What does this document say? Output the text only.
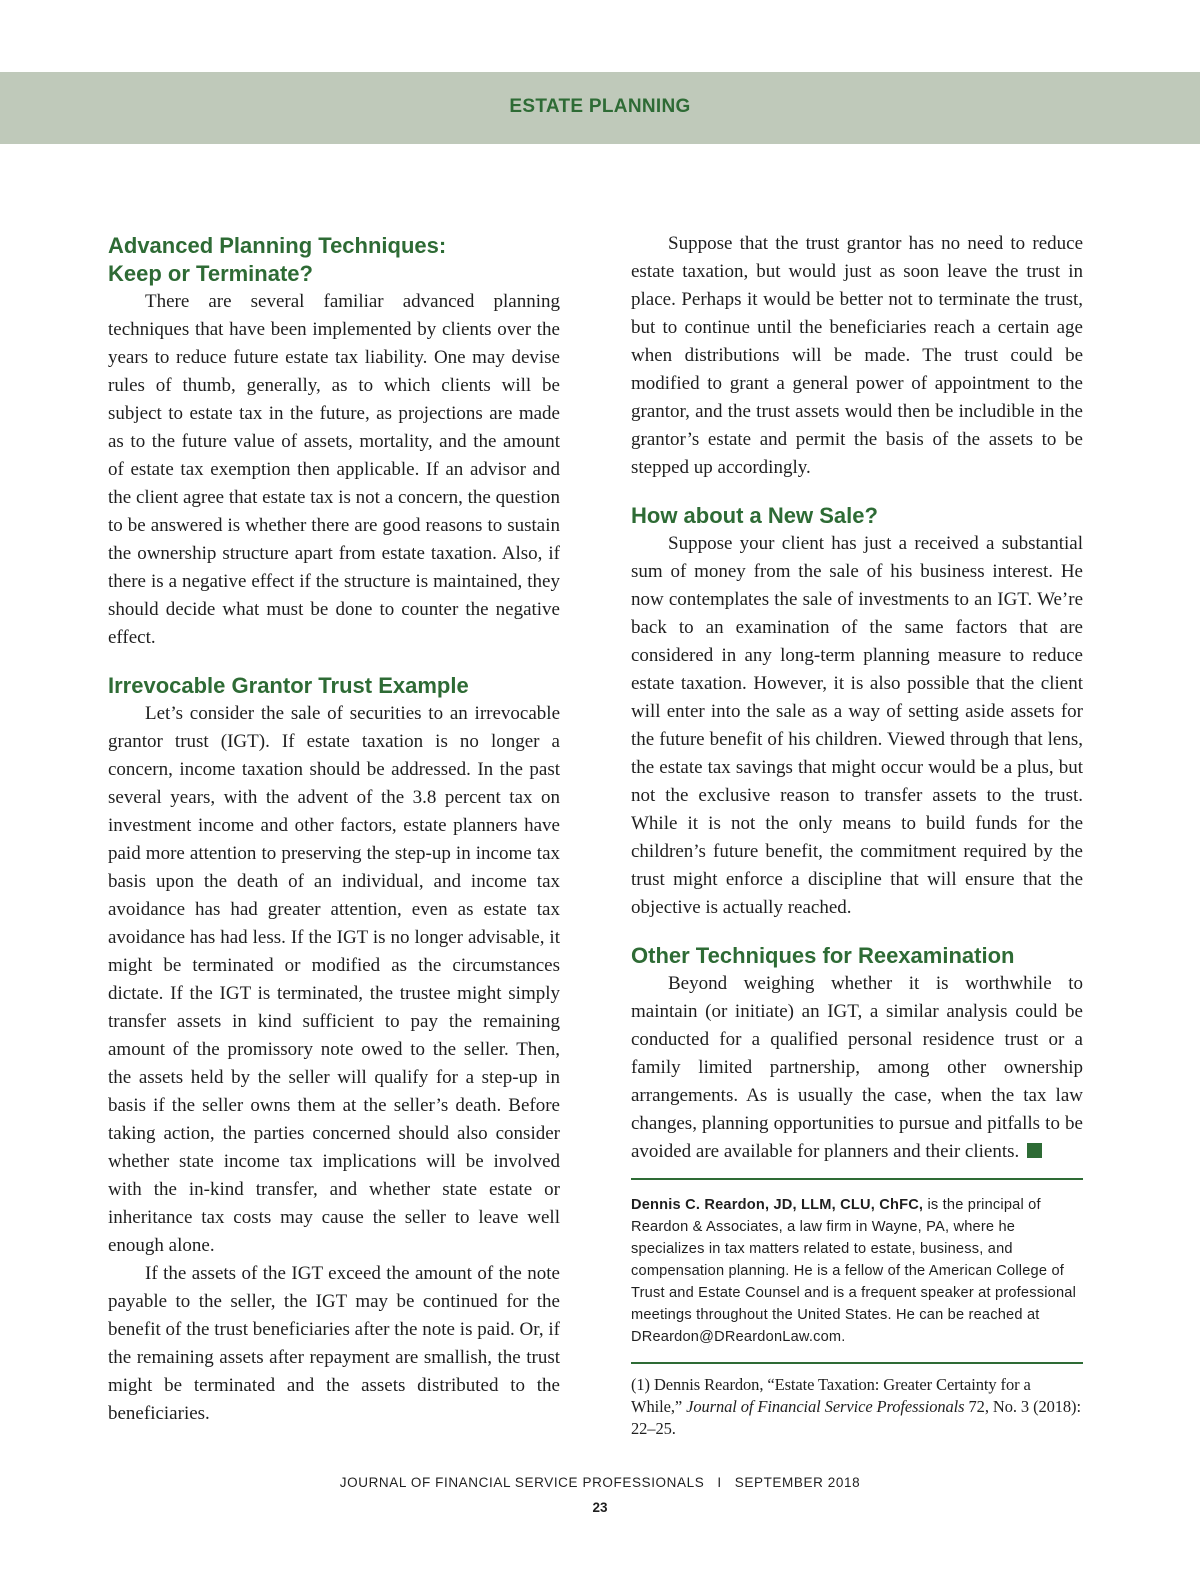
ESTATE PLANNING
Advanced Planning Techniques:
Keep or Terminate?

There are several familiar advanced planning techniques that have been implemented by clients over the years to reduce future estate tax liability. One may devise rules of thumb, generally, as to which clients will be subject to estate tax in the future, as projections are made as to the future value of assets, mortality, and the amount of estate tax exemption then applicable. If an advisor and the client agree that estate tax is not a concern, the question to be answered is whether there are good reasons to sustain the ownership structure apart from estate taxation. Also, if there is a negative effect if the structure is maintained, they should decide what must be done to counter the negative effect.

Irrevocable Grantor Trust Example

Let’s consider the sale of securities to an irrevocable grantor trust (IGT). If estate taxation is no longer a concern, income taxation should be addressed. In the past several years, with the advent of the 3.8 percent tax on investment income and other factors, estate planners have paid more attention to preserving the step-up in income tax basis upon the death of an individual, and income tax avoidance has had greater attention, even as estate tax avoidance has had less. If the IGT is no longer advisable, it might be terminated or modified as the circumstances dictate. If the IGT is terminated, the trustee might simply transfer assets in kind sufficient to pay the remaining amount of the promissory note owed to the seller. Then, the assets held by the seller will qualify for a step-up in basis if the seller owns them at the seller’s death. Before taking action, the parties concerned should also consider whether state income tax implications will be involved with the in-kind transfer, and whether state estate or inheritance tax costs may cause the seller to leave well enough alone.

If the assets of the IGT exceed the amount of the note payable to the seller, the IGT may be continued for the benefit of the trust beneficiaries after the note is paid. Or, if the remaining assets after repayment are smallish, the trust might be terminated and the assets distributed to the beneficiaries.

Suppose that the trust grantor has no need to reduce estate taxation, but would just as soon leave the trust in place. Perhaps it would be better not to terminate the trust, but to continue until the beneficiaries reach a certain age when distributions will be made. The trust could be modified to grant a general power of appointment to the grantor, and the trust assets would then be includible in the grantor’s estate and permit the basis of the assets to be stepped up accordingly.

How about a New Sale?

Suppose your client has just a received a substantial sum of money from the sale of his business interest. He now contemplates the sale of investments to an IGT. We’re back to an examination of the same factors that are considered in any long-term planning measure to reduce estate taxation. However, it is also possible that the client will enter into the sale as a way of setting aside assets for the future benefit of his children. Viewed through that lens, the estate tax savings that might occur would be a plus, but not the exclusive reason to transfer assets to the trust. While it is not the only means to build funds for the children’s future benefit, the commitment required by the trust might enforce a discipline that will ensure that the objective is actually reached.

Other Techniques for Reexamination

Beyond weighing whether it is worthwhile to maintain (or initiate) an IGT, a similar analysis could be conducted for a qualified personal residence trust or a family limited partnership, among other ownership arrangements. As is usually the case, when the tax law changes, planning opportunities to pursue and pitfalls to be avoided are available for planners and their clients.

Dennis C. Reardon, JD, LLM, CLU, ChFC, is the principal of Reardon & Associates, a law firm in Wayne, PA, where he specializes in tax matters related to estate, business, and compensation planning. He is a fellow of the American College of Trust and Estate Counsel and is a frequent speaker at professional meetings throughout the United States. He can be reached at DReardon@DReardonLaw.com.
(1) Dennis Reardon, “Estate Taxation: Greater Certainty for a While,” Journal of Financial Service Professionals 72, No. 3 (2018): 22–25.
JOURNAL OF FINANCIAL SERVICE PROFESSIONALS   I   SEPTEMBER 2018
23
